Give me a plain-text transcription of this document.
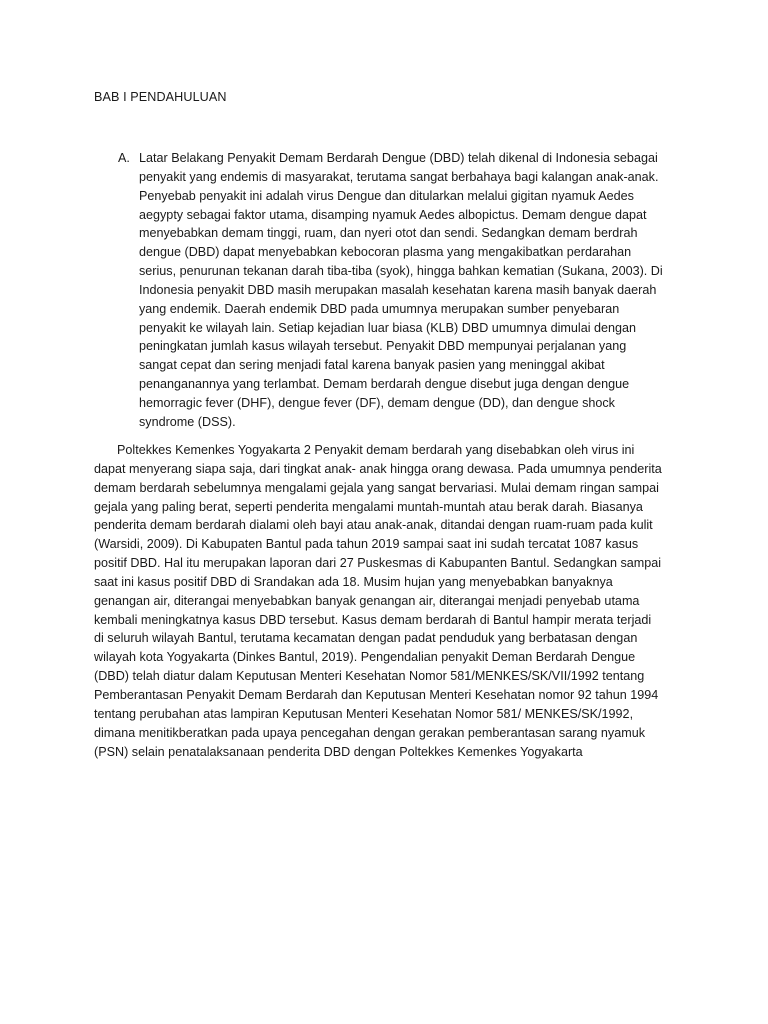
BAB I PENDAHULUAN
A. Latar Belakang Penyakit Demam Berdarah Dengue (DBD) telah dikenal di Indonesia sebagai
penyakit yang endemis di masyarakat, terutama sangat berbahaya bagi kalangan anak-anak.
Penyebab penyakit ini adalah virus Dengue dan ditularkan melalui gigitan nyamuk Aedes
aegypty sebagai faktor utama, disamping nyamuk Aedes albopictus. Demam dengue dapat
menyebabkan demam tinggi, ruam, dan nyeri otot dan sendi. Sedangkan demam berdrah
dengue (DBD) dapat menyebabkan kebocoran plasma yang mengakibatkan perdarahan
serius, penurunan tekanan darah tiba-tiba (syok), hingga bahkan kematian (Sukana, 2003). Di
Indonesia penyakit DBD masih merupakan masalah kesehatan karena masih banyak daerah
yang endemik. Daerah endemik DBD pada umumnya merupakan sumber penyebaran
penyakit ke wilayah lain. Setiap kejadian luar biasa (KLB) DBD umumnya dimulai dengan
peningkatan jumlah kasus wilayah tersebut. Penyakit DBD mempunyai perjalanan yang
sangat cepat dan sering menjadi fatal karena banyak pasien yang meninggal akibat
penanganannya yang terlambat. Demam berdarah dengue disebut juga dengan dengue
hemorragic fever (DHF), dengue fever (DF), demam dengue (DD), dan dengue shock
syndrome (DSS).
Poltekkes Kemenkes Yogyakarta 2 Penyakit demam berdarah yang disebabkan oleh virus ini
dapat menyerang siapa saja, dari tingkat anak- anak hingga orang dewasa. Pada umumnya penderita
demam berdarah sebelumnya mengalami gejala yang sangat bervariasi. Mulai demam ringan sampai
gejala yang paling berat, seperti penderita mengalami muntah-muntah atau berak darah. Biasanya
penderita demam berdarah dialami oleh bayi atau anak-anak, ditandai dengan ruam-ruam pada kulit
(Warsidi, 2009). Di Kabupaten Bantul pada tahun 2019 sampai saat ini sudah tercatat 1087 kasus
positif DBD. Hal itu merupakan laporan dari 27 Puskesmas di Kabupanten Bantul. Sedangkan sampai
saat ini kasus positif DBD di Srandakan ada 18. Musim hujan yang menyebabkan banyaknya
genangan air, diterangai menyebabkan banyak genangan air, diterangai menjadi penyebab utama
kembali meningkatnya kasus DBD tersebut. Kasus demam berdarah di Bantul hampir merata terjadi
di seluruh wilayah Bantul, terutama kecamatan dengan padat penduduk yang berbatasan dengan
wilayah kota Yogyakarta (Dinkes Bantul, 2019). Pengendalian penyakit Deman Berdarah Dengue
(DBD) telah diatur dalam Keputusan Menteri Kesehatan Nomor 581/MENKES/SK/VII/1992 tentang
Pemberantasan Penyakit Demam Berdarah dan Keputusan Menteri Kesehatan nomor 92 tahun 1994
tentang perubahan atas lampiran Keputusan Menteri Kesehatan Nomor 581/ MENKES/SK/1992,
dimana menitikberatkan pada upaya pencegahan dengan gerakan pemberantasan sarang nyamuk
(PSN) selain penatalaksanaan penderita DBD dengan Poltekkes Kemenkes Yogyakarta
